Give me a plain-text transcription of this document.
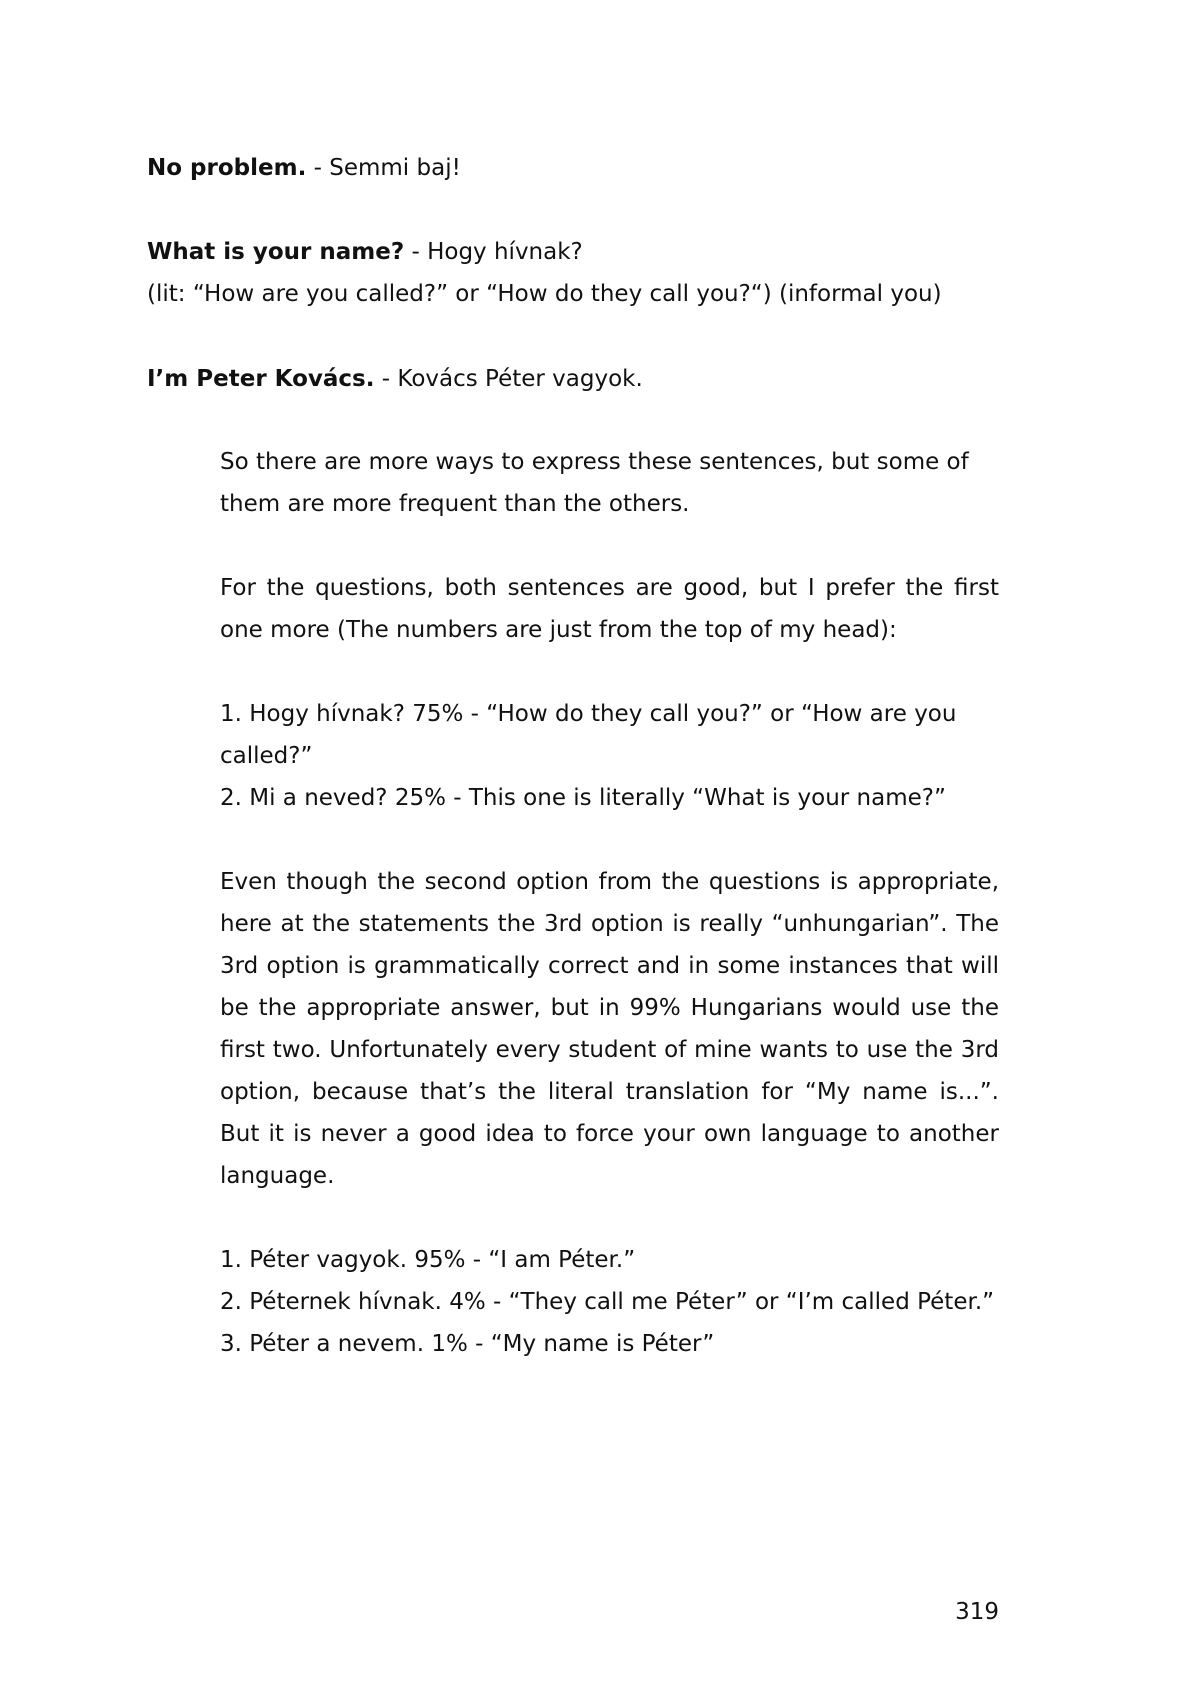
No problem. - Semmi baj!
What is your name? - Hogy hívnak?
(lit: “How are you called?” or “How do they call you?“) (informal you)
I’m Peter Kovács. - Kovács Péter vagyok.

So there are more ways to express these sentences, but some of them are more frequent than the others.

For the questions, both sentences are good, but I prefer the first one more (The numbers are just from the top of my head):

1. Hogy hívnak? 75% - “How do they call you?” or “How are you called?”

2. Mi a neved? 25% - This one is literally “What is your name?”

Even though the second option from the questions is appropriate, here at the statements the 3rd option is really “unhungarian”. The 3rd option is grammatically correct and in some instances that will be the appropriate answer, but in 99% Hungarians would use the first two. Unfortunately every student of mine wants to use the 3rd option, because that’s the literal translation for “My name is...”. But it is never a good idea to force your own language to another language.

1. Péter vagyok. 95% - “I am Péter.”

2. Péternek hívnak. 4% - “They call me Péter” or “I’m called Péter.”

3. Péter a nevem. 1% - “My name is Péter”

319
